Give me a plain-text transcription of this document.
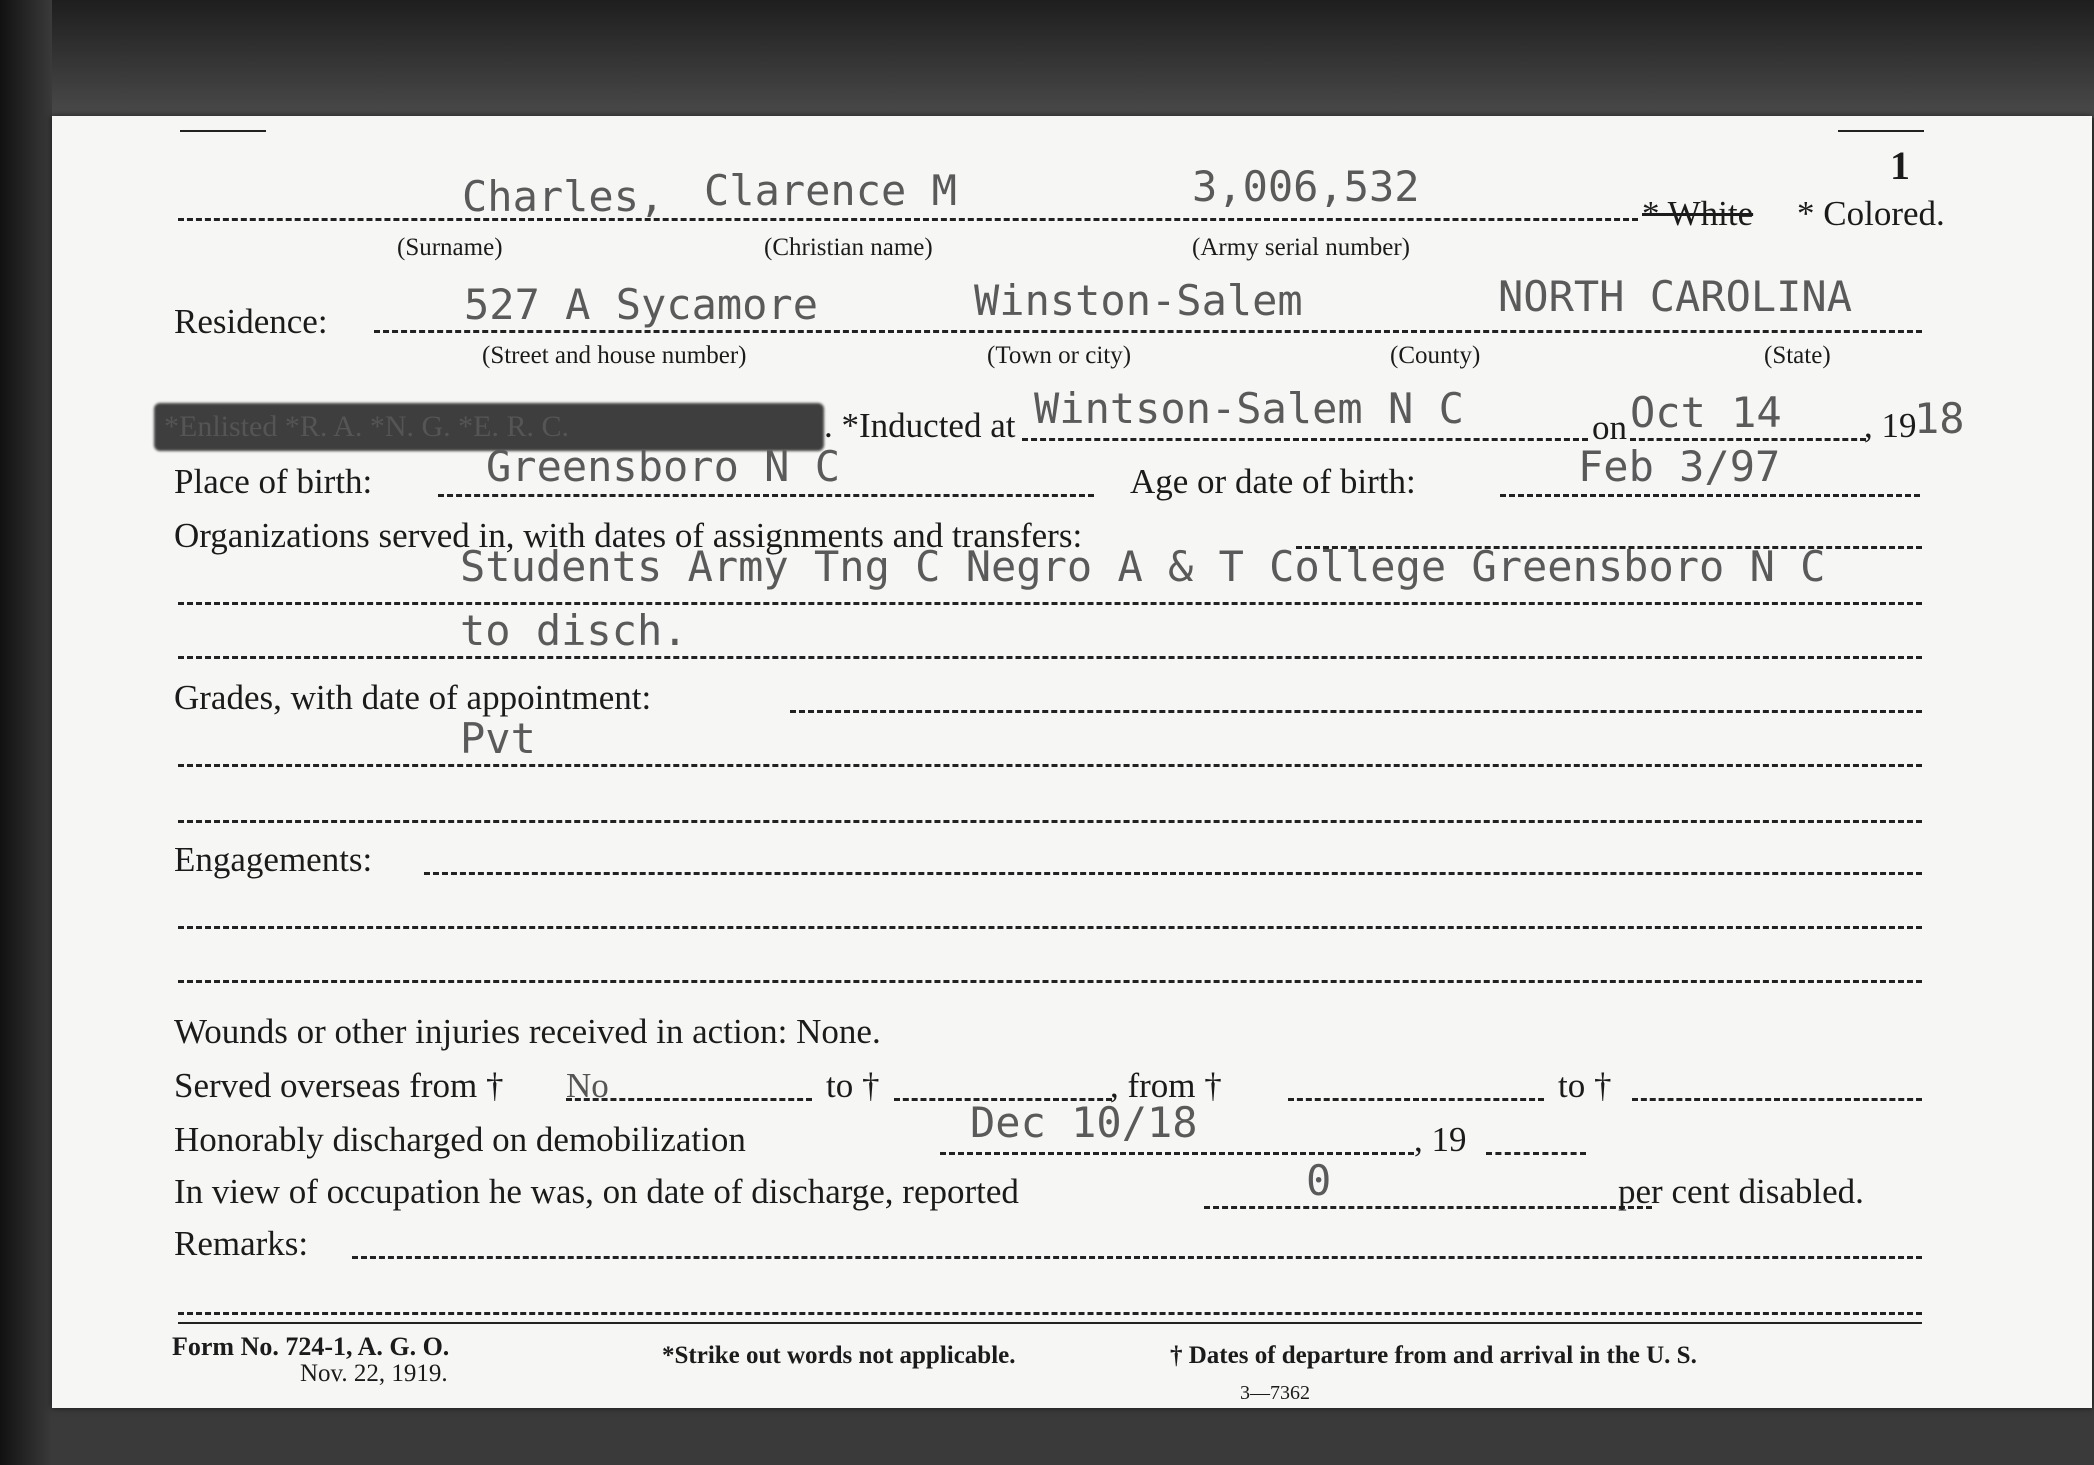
1
Charles, Clarence M	3,006,532
* White * Colored.
(Surname)	(Christian name)	(Army serial number)
Residence:	527 A Sycamore	Winston-Salem	NORTH CAROLINA
(Street and house number)	(Town or city)	(County)	(State)
*Enlisted *R. A. *N. G. *E. R. C.	. *Inducted at Wintson-Salem N C	on Oct 14 , 19
18
Place of birth:	Greensboro N C	Age or date of birth:	Feb 3/97
Organizations served in, with dates of assignments and transfers:
Students Army Tng C Negro A & T College Greensboro N C
to disch.
Grades, with date of appointment:
Pvt
Engagements:
Wounds or other injuries received in action: None.
Served overseas from † No	to †	, from †	to †
Honorably discharged on demobilization	Dec 10/18	, 19
In view of occupation he was, on date of discharge, reported	0	per cent disabled.
Remarks:
Form No. 724-1, A. G. O.
Nov. 22, 1919.
*Strike out words not applicable.	† Dates of departure from and arrival in the U. S.
3—7362
